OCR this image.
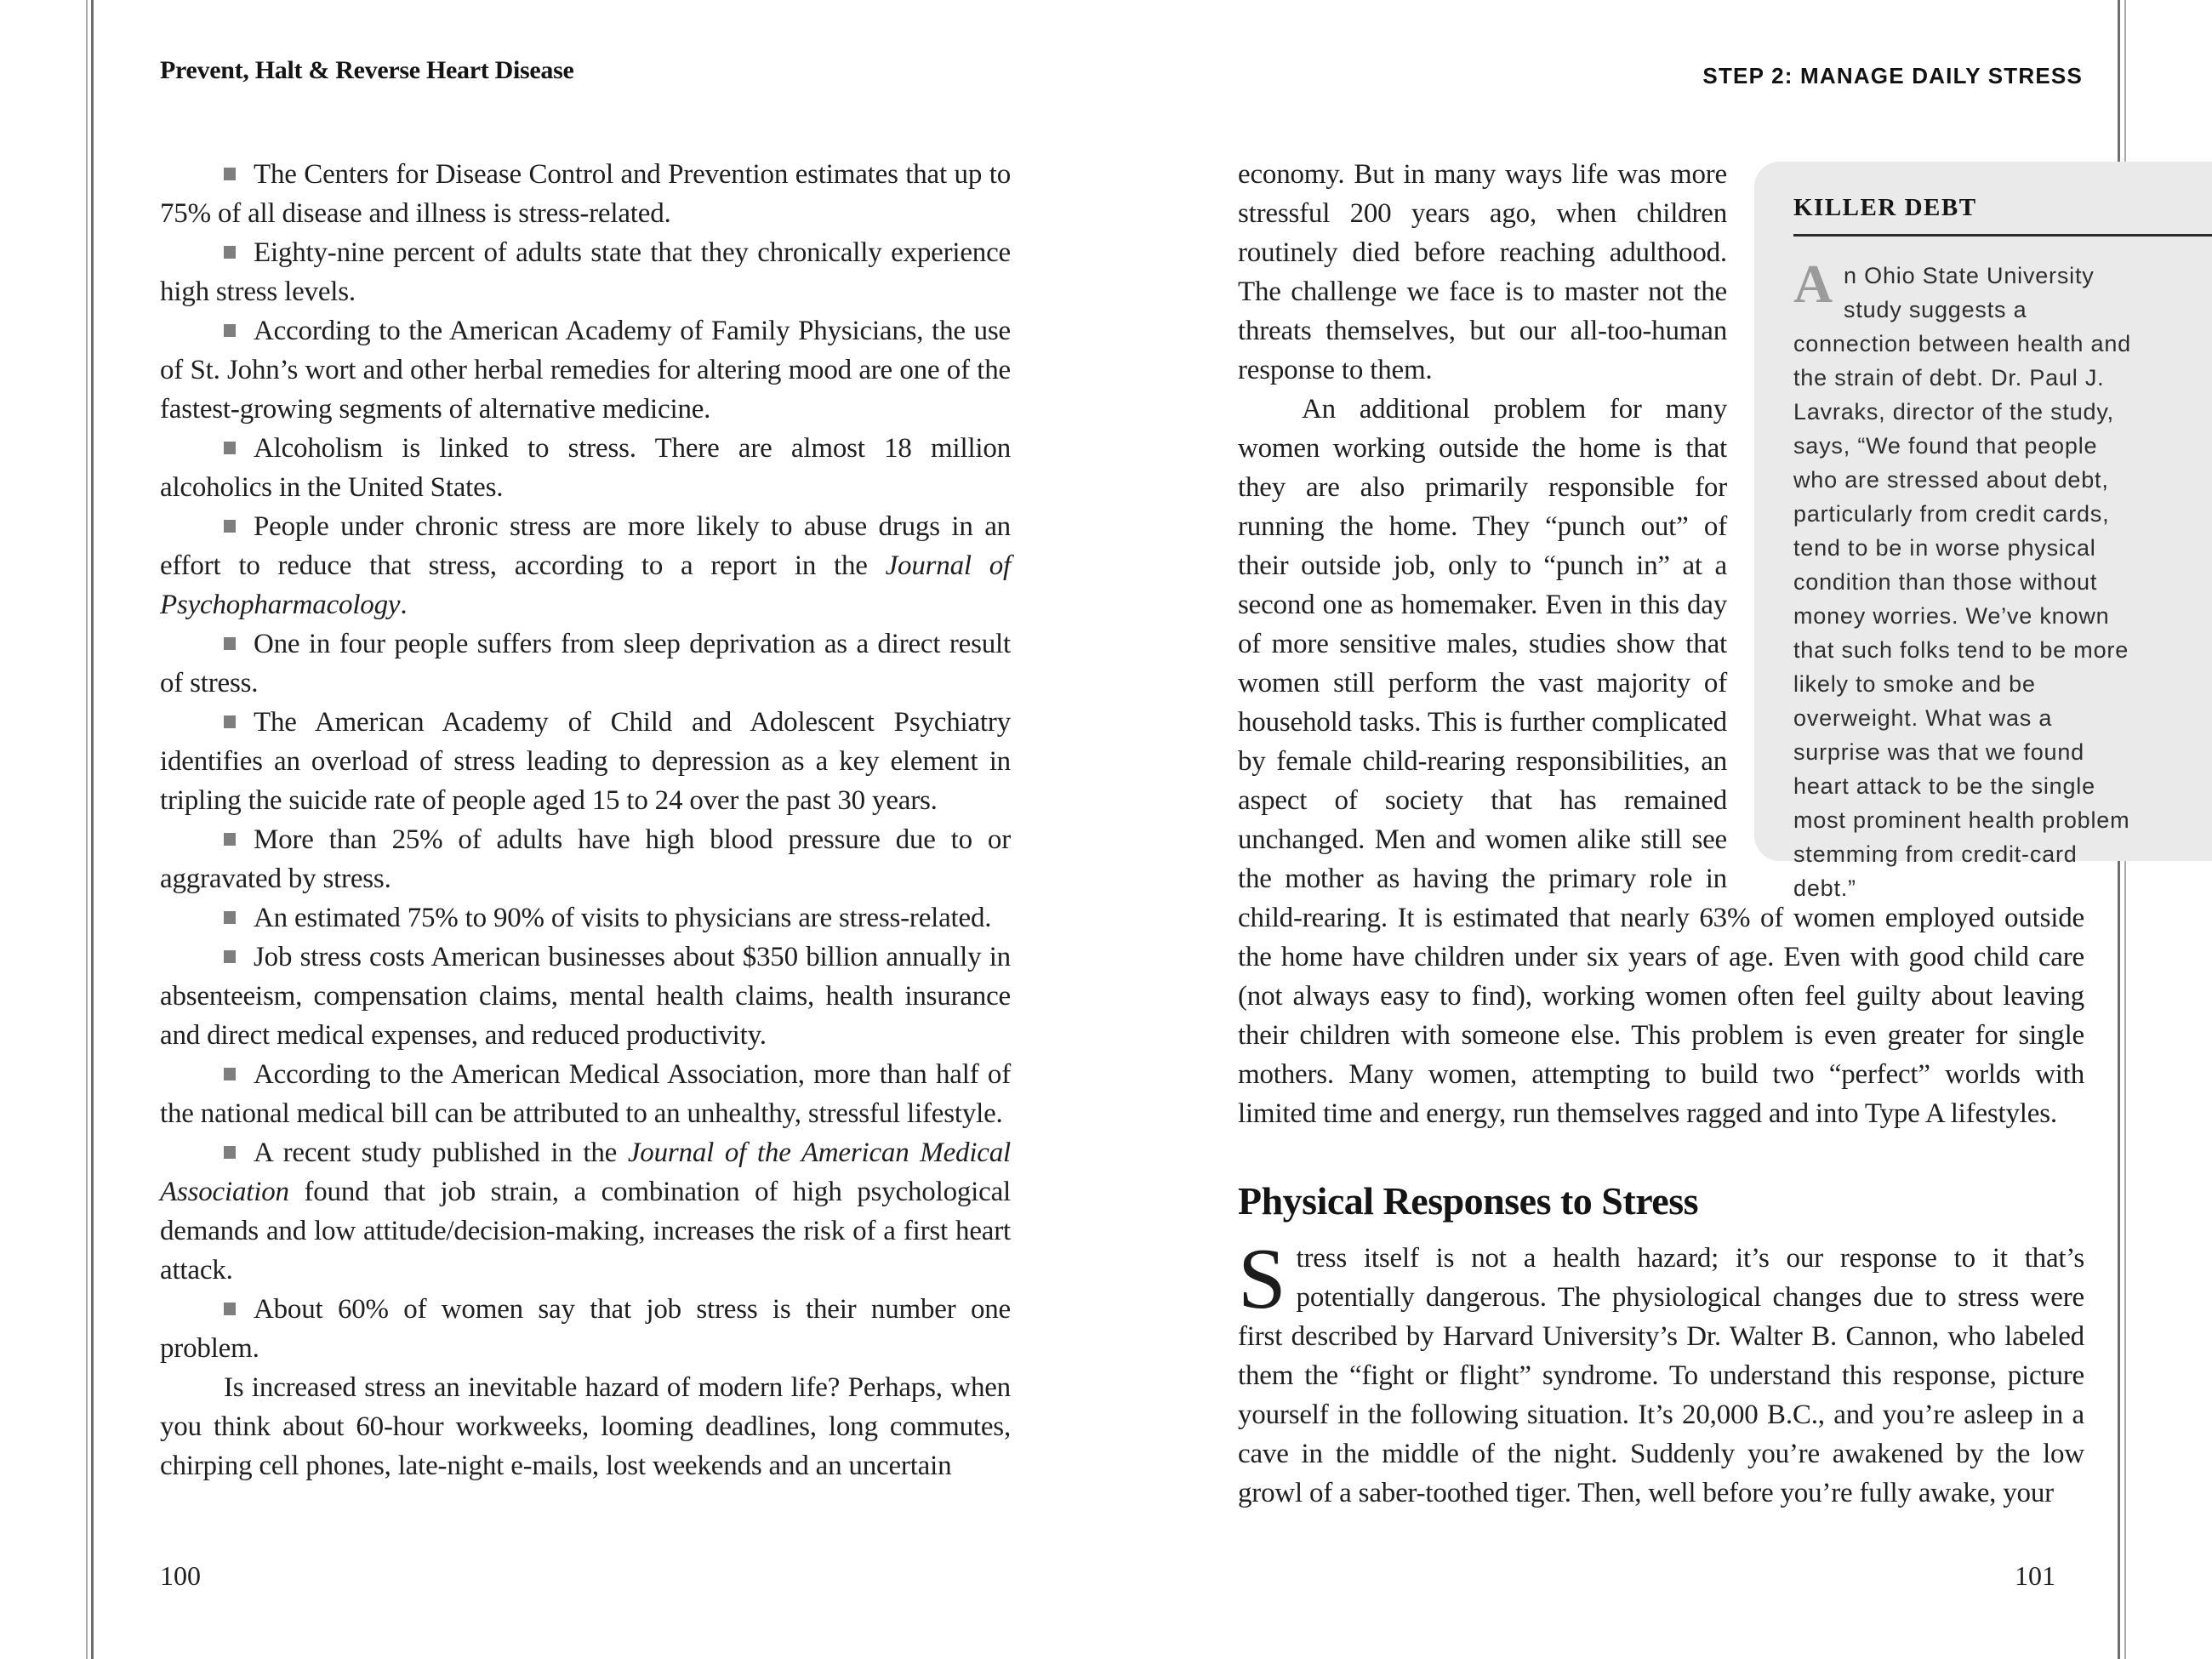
Prevent, Halt & Reverse Heart Disease	STEP 2: MANAGE DAILY STRESS

The Centers for Disease Control and Prevention estimates that up to 75% of all disease and illness is stress-related.

Eighty-nine percent of adults state that they chronically experience high stress levels.

According to the American Academy of Family Physicians, the use of St. John’s wort and other herbal remedies for altering mood are one of the fastest-growing segments of alternative medicine.

Alcoholism is linked to stress. There are almost 18 million alcoholics in the United States.

People under chronic stress are more likely to abuse drugs in an effort to reduce that stress, according to a report in the Journal of Psychopharmacology.

One in four people suffers from sleep deprivation as a direct result of stress.

The American Academy of Child and Adolescent Psychiatry identifies an overload of stress leading to depression as a key element in tripling the suicide rate of people aged 15 to 24 over the past 30 years.

More than 25% of adults have high blood pressure due to or aggravated by stress.

An estimated 75% to 90% of visits to physicians are stress-related.

Job stress costs American businesses about $350 billion annually in absenteeism, compensation claims, mental health claims, health insurance and direct medical expenses, and reduced productivity.

According to the American Medical Association, more than half of the national medical bill can be attributed to an unhealthy, stressful lifestyle.

A recent study published in the Journal of the American Medical Association found that job strain, a combination of high psychological demands and low attitude/decision-making, increases the risk of a first heart attack.

About 60% of women say that job stress is their number one problem.

Is increased stress an inevitable hazard of modern life? Perhaps, when you think about 60-hour workweeks, looming deadlines, long commutes, chirping cell phones, late-night e-mails, lost weekends and an uncertain

economy. But in many ways life was more stressful 200 years ago, when children routinely died before reaching adulthood. The challenge we face is to master not the threats themselves, but our all-too-human response to them.

An additional problem for many women working outside the home is that they are also primarily responsible for running the home. They “punch out” of their outside job, only to “punch in” at a second one as homemaker. Even in this day of more sensitive males, studies show that women still perform the vast majority of household tasks. This is further complicated by female child-rearing responsibilities, an aspect of society that has remained unchanged. Men and women alike still see the mother as having the primary role in child-rearing. It is estimated that nearly 63% of women employed outside the home have children under six years of age. Even with good child care (not always easy to find), working women often feel guilty about leaving their children with someone else. This problem is even greater for single mothers. Many women, attempting to build two “perfect” worlds with limited time and energy, run themselves ragged and into Type A lifestyles.

Physical Responses to Stress

Stress itself is not a health hazard; it’s our response to it that’s potentially dangerous. The physiological changes due to stress were first described by Harvard University’s Dr. Walter B. Cannon, who labeled them the “fight or flight” syndrome. To understand this response, picture yourself in the following situation. It’s 20,000 B.C., and you’re asleep in a cave in the middle of the night. Suddenly you’re awakened by the low growl of a saber-toothed tiger. Then, well before you’re fully awake, your

KILLER DEBT

An Ohio State University study suggests a connection between health and the strain of debt. Dr. Paul J. Lavraks, director of the study, says, “We found that people who are stressed about debt, particularly from credit cards, tend to be in worse physical condition than those without money worries. We’ve known that such folks tend to be more likely to smoke and be overweight. What was a surprise was that we found heart attack to be the single most prominent health problem stemming from credit-card debt.”

100	101
